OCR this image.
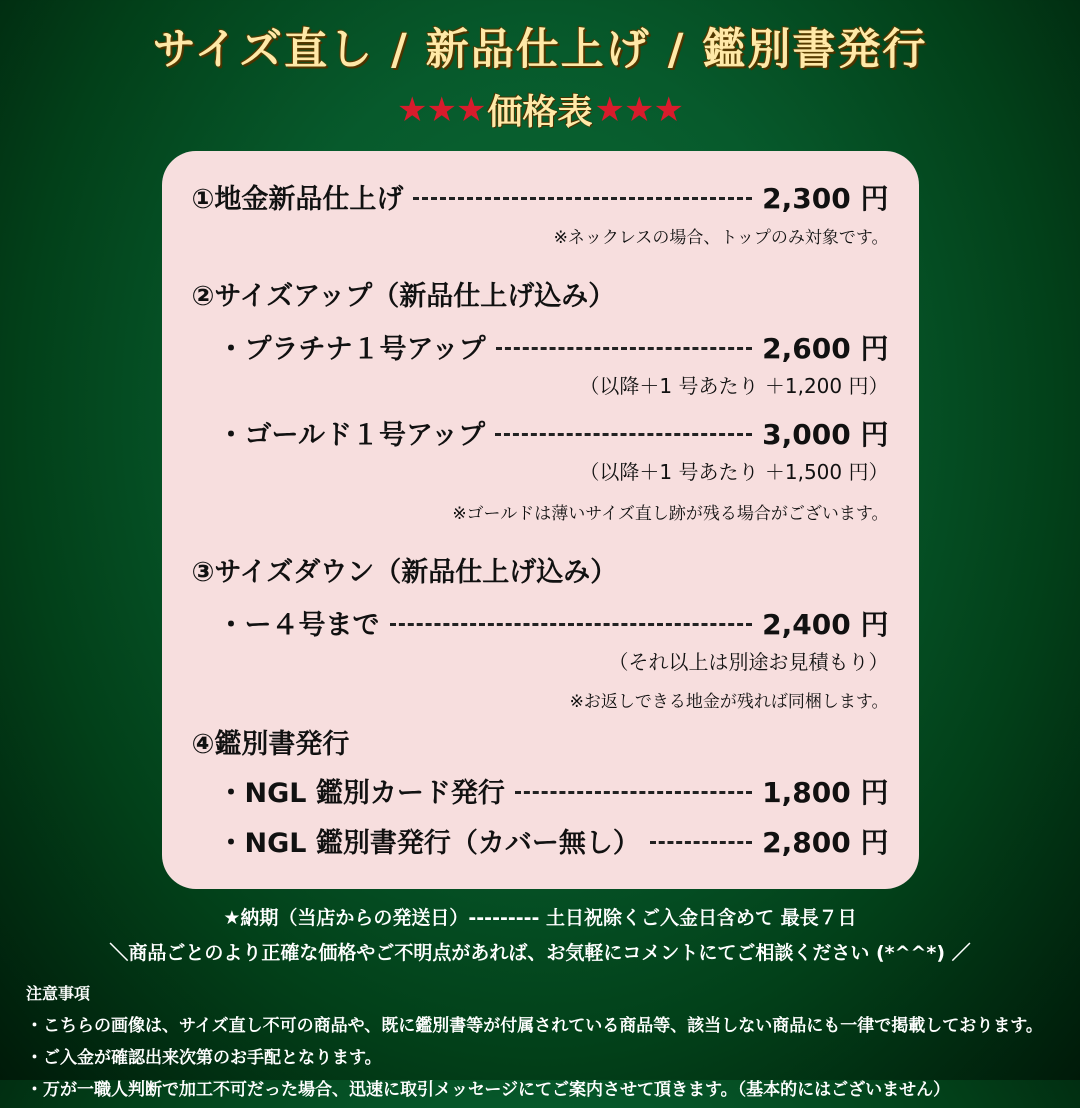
サイズ直し / 新品仕上げ / 鑑別書発行
★★★ 価格表 ★★★
①地金新品仕上げ	2,300 円
※ネックレスの場合、トップのみ対象です。
②サイズアップ（新品仕上げ込み）
・プラチナ１号アップ	2,600 円
（以降＋1 号あたり ＋1,200 円）
・ゴールド１号アップ	3,000 円
（以降＋1 号あたり ＋1,500 円）
※ゴールドは薄いサイズ直し跡が残る場合がございます。
③サイズダウン（新品仕上げ込み）
・ー４号まで	2,400 円
（それ以上は別途お見積もり）
※お返しできる地金が残れば同梱します。
④鑑別書発行
・NGL 鑑別カード発行	1,800 円
・NGL 鑑別書発行（カバー無し）	2,800 円
★納期（当店からの発送日）--------- 土日祝除くご入金日含めて 最長７日
＼商品ごとのより正確な価格やご不明点があれば、お気軽にコメントにてご相談ください (*^^*) ／
注意事項
・こちらの画像は、サイズ直し不可の商品や、既に鑑別書等が付属されている商品等、該当しない商品にも一律で掲載しております。
・ご入金が確認出来次第のお手配となります。
・万が一職人判断で加工不可だった場合、迅速に取引メッセージにてご案内させて頂きます。（基本的にはございません）
